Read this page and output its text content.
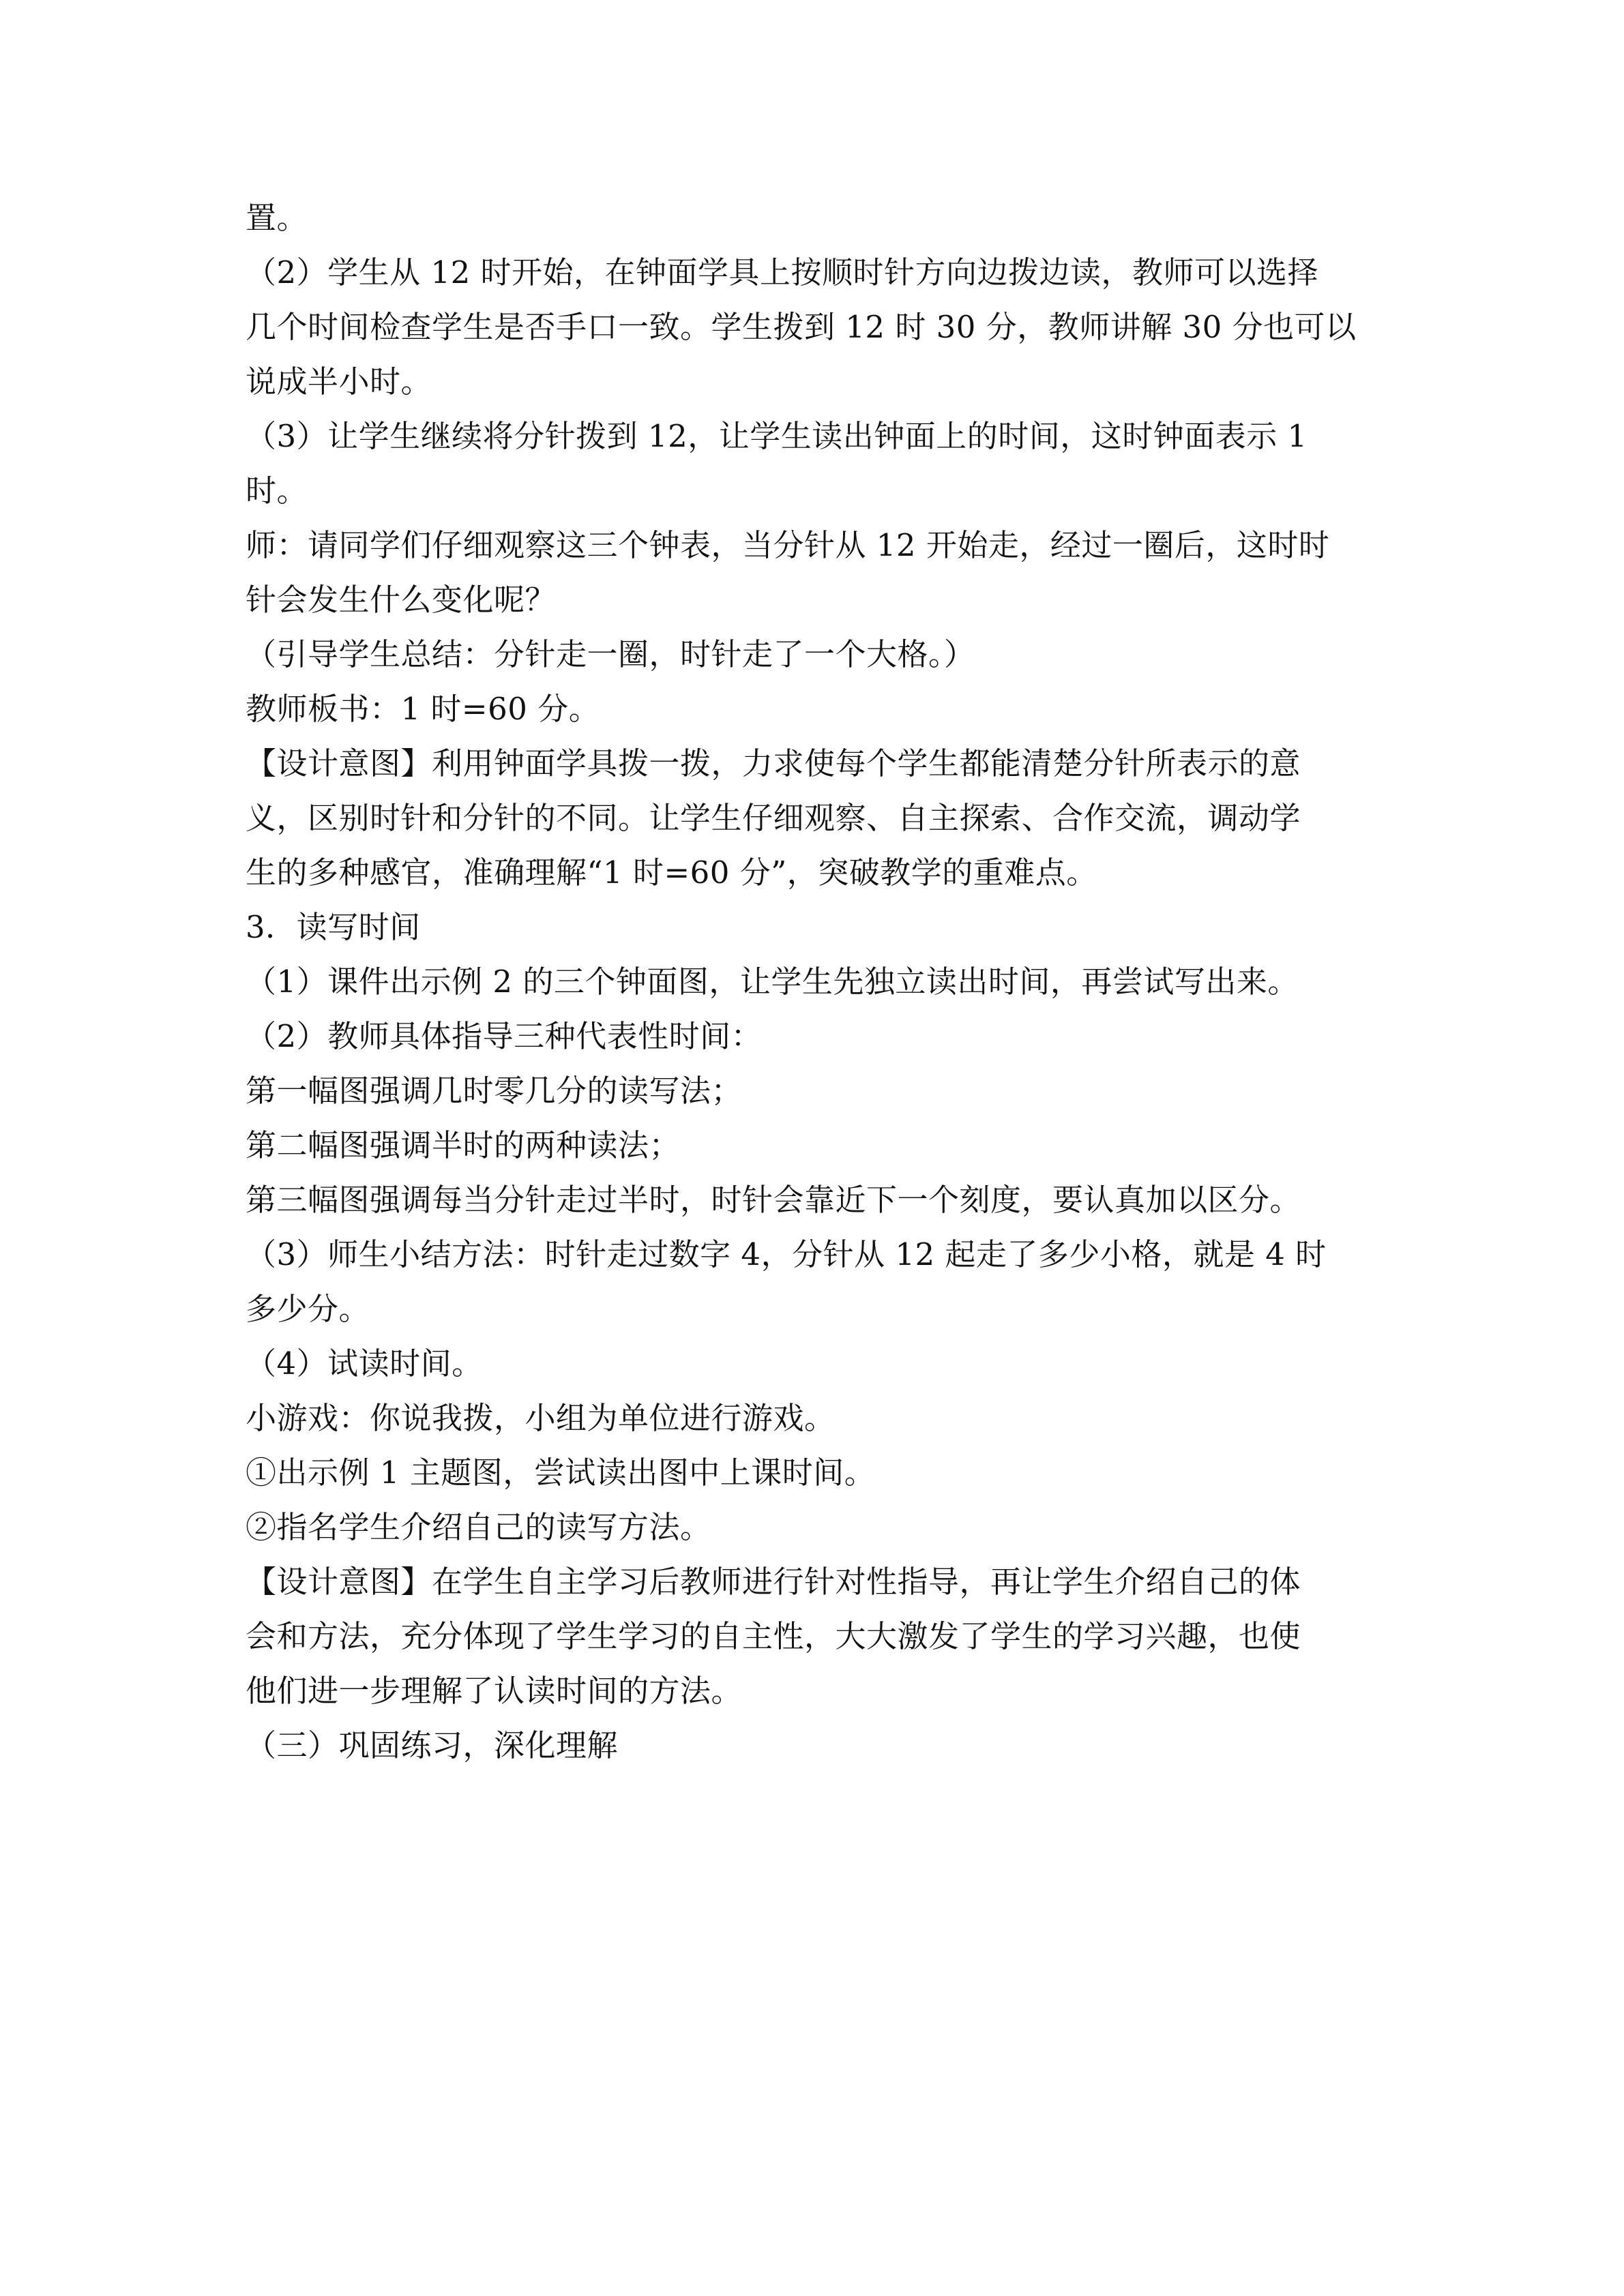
置。
（2）学生从 12 时开始，在钟面学具上按顺时针方向边拨边读，教师可以选择
几个时间检查学生是否手口一致。学生拨到 12 时 30 分，教师讲解 30 分也可以
说成半小时。
（3）让学生继续将分针拨到 12，让学生读出钟面上的时间，这时钟面表示 1
时。
师：请同学们仔细观察这三个钟表，当分针从 12 开始走，经过一圈后，这时时
针会发生什么变化呢？
（引导学生总结：分针走一圈，时针走了一个大格。）
教师板书：1 时=60 分。
【设计意图】利用钟面学具拨一拨，力求使每个学生都能清楚分针所表示的意
义，区别时针和分针的不同。让学生仔细观察、自主探索、合作交流，调动学
生的多种感官，准确理解“1 时=60 分”，突破教学的重难点。
3．读写时间
（1）课件出示例 2 的三个钟面图，让学生先独立读出时间，再尝试写出来。
（2）教师具体指导三种代表性时间：
第一幅图强调几时零几分的读写法；
第二幅图强调半时的两种读法；
第三幅图强调每当分针走过半时，时针会靠近下一个刻度，要认真加以区分。
（3）师生小结方法：时针走过数字 4，分针从 12 起走了多少小格，就是 4 时
多少分。
（4）试读时间。
小游戏：你说我拨，小组为单位进行游戏。
①出示例 1 主题图，尝试读出图中上课时间。
②指名学生介绍自己的读写方法。
【设计意图】在学生自主学习后教师进行针对性指导，再让学生介绍自己的体
会和方法，充分体现了学生学习的自主性，大大激发了学生的学习兴趣，也使
他们进一步理解了认读时间的方法。
（三）巩固练习，深化理解
